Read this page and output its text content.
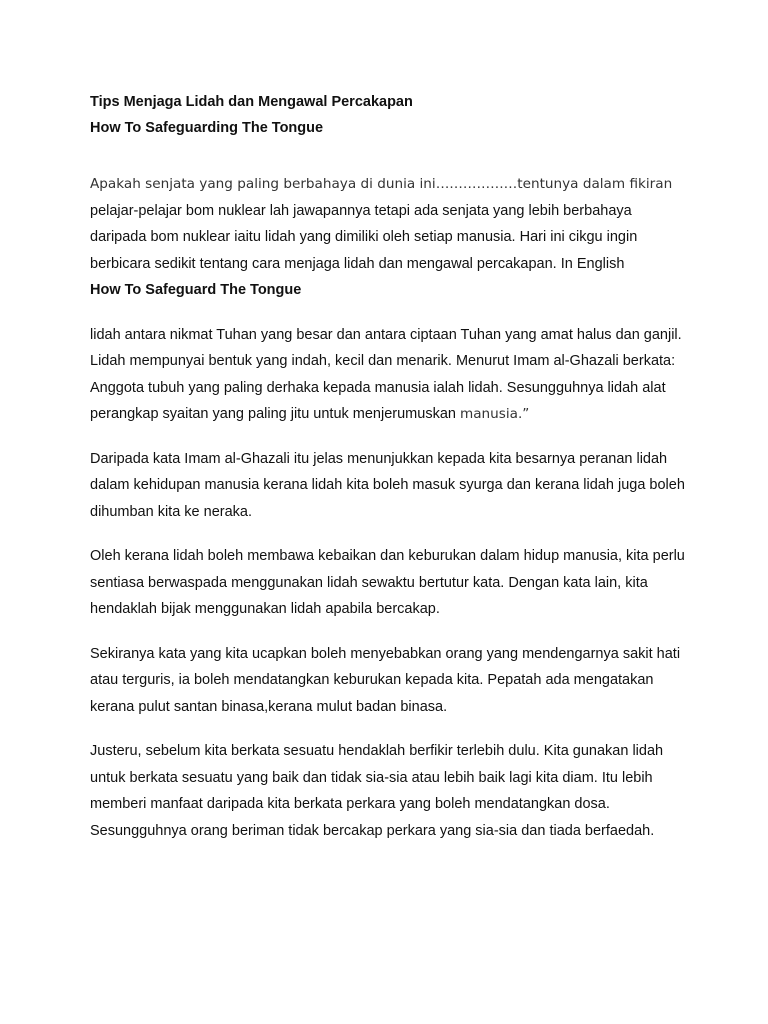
Tips Menjaga Lidah dan Mengawal Percakapan
How To Safeguarding The Tongue

Apakah senjata yang paling berbahaya di dunia ini………………tentunya dalam fikiran pelajar-pelajar bom nuklear lah jawapannya tetapi ada senjata yang lebih berbahaya daripada bom nuklear iaitu lidah yang dimiliki oleh setiap manusia. Hari ini cikgu ingin berbicara sedikit tentang cara menjaga lidah dan mengawal percakapan. In English
How To Safeguard The Tongue

lidah antara nikmat Tuhan yang besar dan antara ciptaan Tuhan yang amat halus dan ganjil. Lidah mempunyai bentuk yang indah, kecil dan menarik. Menurut Imam al-Ghazali berkata: Anggota tubuh yang paling derhaka kepada manusia ialah lidah. Sesungguhnya lidah alat perangkap syaitan yang paling jitu untuk menjerumuskan manusia.”

Daripada kata Imam al-Ghazali itu jelas menunjukkan kepada kita besarnya peranan lidah dalam kehidupan manusia kerana lidah kita boleh masuk syurga dan kerana lidah juga boleh dihumban kita ke neraka.

Oleh kerana lidah boleh membawa kebaikan dan keburukan dalam hidup manusia, kita perlu sentiasa berwaspada menggunakan lidah sewaktu bertutur kata. Dengan kata lain, kita hendaklah bijak menggunakan lidah apabila bercakap.

Sekiranya kata yang kita ucapkan boleh menyebabkan orang yang mendengarnya sakit hati atau terguris, ia boleh mendatangkan keburukan kepada kita. Pepatah ada mengatakan kerana pulut santan binasa,kerana mulut badan binasa.

Justeru, sebelum kita berkata sesuatu hendaklah berfikir terlebih dulu. Kita gunakan lidah untuk berkata sesuatu yang baik dan tidak sia-sia atau lebih baik lagi kita diam. Itu lebih memberi manfaat daripada kita berkata perkara yang boleh mendatangkan dosa. Sesungguhnya orang beriman tidak bercakap perkara yang sia-sia dan tiada berfaedah.
